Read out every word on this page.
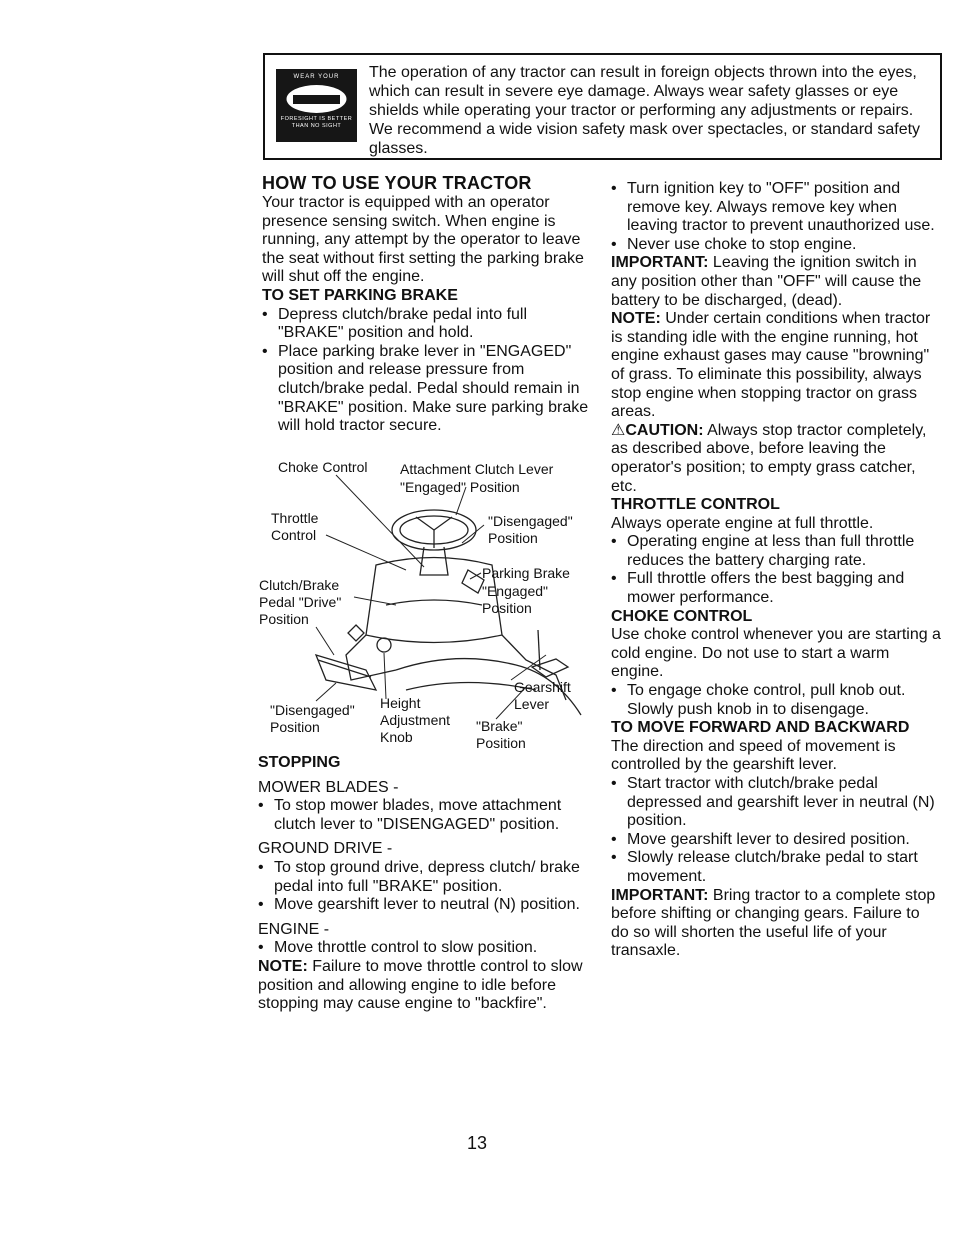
WEAR YOUR
FORESIGHT IS BETTER THAN NO SIGHT
The operation of any tractor can result in foreign objects thrown into the eyes, which can result in severe eye damage. Always wear safety glasses or eye shields while operating your tractor or performing any adjustments or repairs. We recommend a wide vision safety mask over spectacles, or standard safety glasses.

HOW TO USE YOUR TRACTOR

Your tractor is equipped with an operator presence sensing switch. When engine is running, any attempt by the operator to leave the seat without first setting the parking brake will shut off the engine.

TO SET PARKING BRAKE

• Depress clutch/brake pedal into full "BRAKE" position and hold.

• Place parking brake lever in "ENGAGED" position and release pressure from clutch/brake pedal. Pedal should remain in "BRAKE" position. Make sure parking brake will hold tractor secure.

Choke Control Attachment Clutch Lever
"Engaged" Position
Throttle Control
"Disengaged" Position
Parking Brake
"Engaged" Position
Clutch/Brake Pedal "Drive" Position
Gearshift Lever
"Disengaged" Position
Height Adjustment Knob
"Brake" Position

STOPPING

MOWER BLADES -

• To stop mower blades, move attachment clutch lever to "DISENGAGED" position.

GROUND DRIVE -

• To stop ground drive, depress clutch/ brake pedal into full "BRAKE" position.

• Move gearshift lever to neutral (N) position.

ENGINE -

• Move throttle control to slow position.

NOTE: Failure to move throttle control to slow position and allowing engine to idle before stopping may cause engine to "backfire".

• Turn ignition key to "OFF" position and remove key. Always remove key when leaving tractor to prevent unauthorized use.

• Never use choke to stop engine.

IMPORTANT: Leaving the ignition switch in any position other than "OFF" will cause the battery to be discharged, (dead).

NOTE: Under certain conditions when tractor is standing idle with the engine running, hot engine exhaust gases may cause "browning" of grass. To eliminate this possibility, always stop engine when stopping tractor on grass areas.

⚠CAUTION: Always stop tractor completely, as described above, before leaving the operator's position; to empty grass catcher, etc.

THROTTLE CONTROL

Always operate engine at full throttle.

• Operating engine at less than full throttle reduces the battery charging rate.

• Full throttle offers the best bagging and mower performance.

CHOKE CONTROL

Use choke control whenever you are starting a cold engine. Do not use to start a warm engine.

• To engage choke control, pull knob out. Slowly push knob in to disengage.

TO MOVE FORWARD AND BACKWARD

The direction and speed of movement is controlled by the gearshift lever.

• Start tractor with clutch/brake pedal depressed and gearshift lever in neutral (N) position.

• Move gearshift lever to desired position.

• Slowly release clutch/brake pedal to start movement.

IMPORTANT: Bring tractor to a complete stop before shifting or changing gears. Failure to do so will shorten the useful life of your transaxle.

13
